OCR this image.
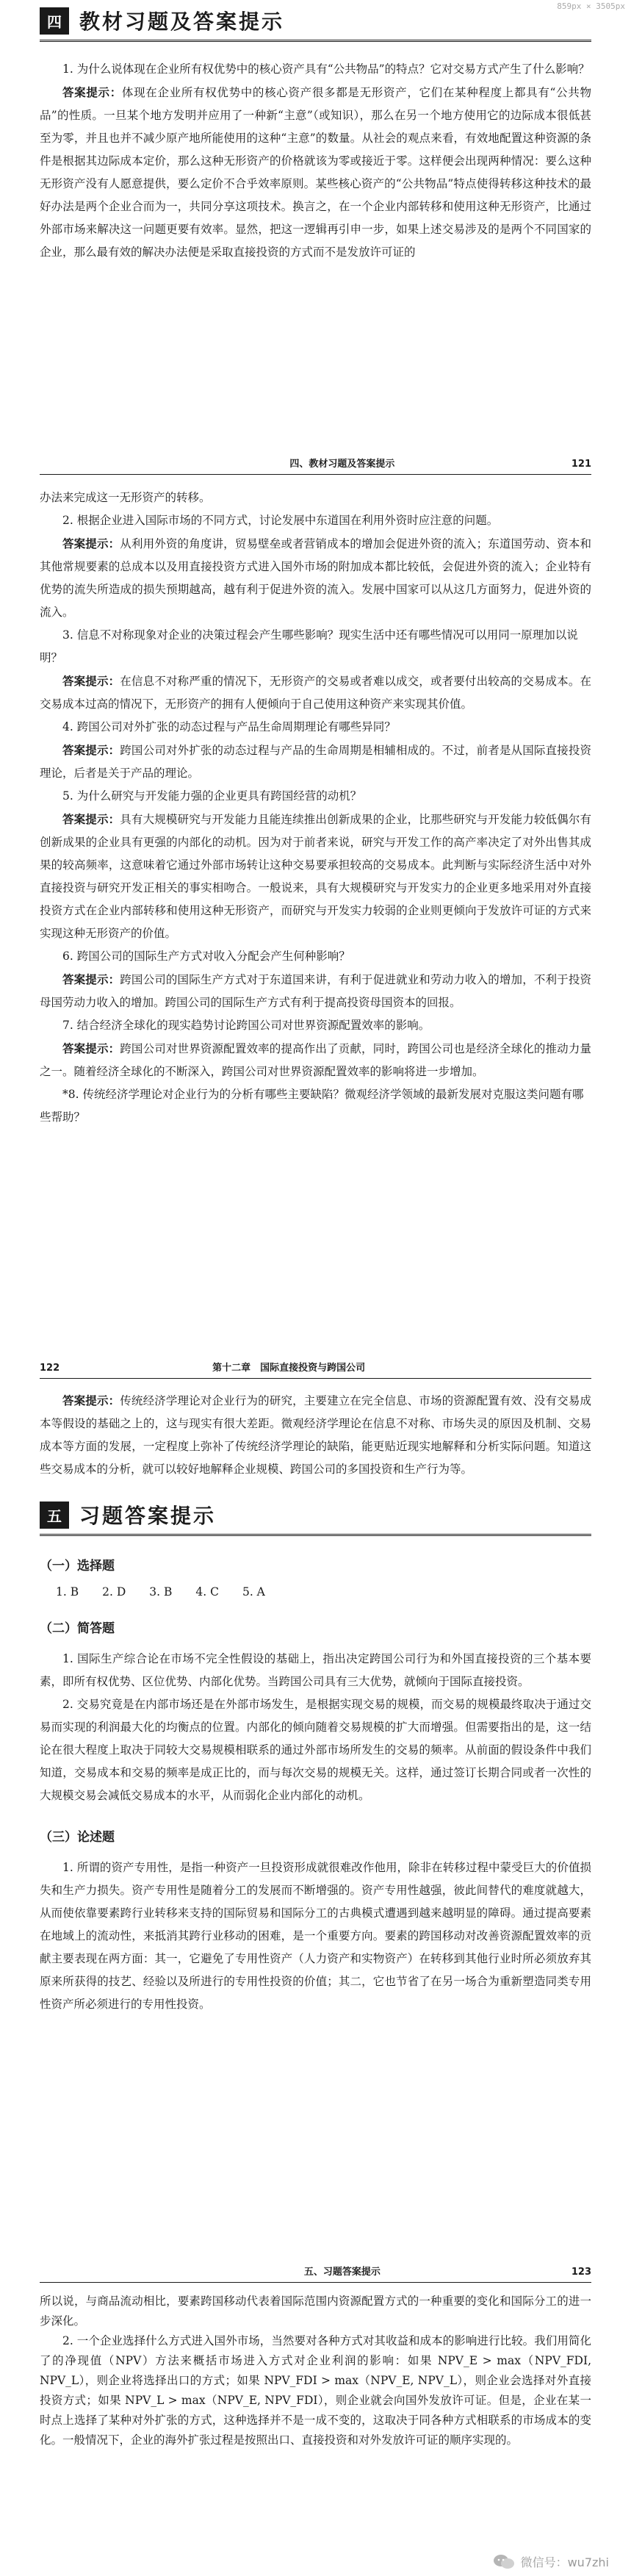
859px × 3505px
四 教材习题及答案提示

1. 为什么说体现在企业所有权优势中的核心资产具有“公共物品”的特点？它对交易方式产生了什么影响？

答案提示：体现在企业所有权优势中的核心资产很多都是无形资产，它们在某种程度上都具有“公共物品”的性质。一旦某个地方发明并应用了一种新“主意”（或知识），那么在另一个地方使用它的边际成本很低甚至为零，并且也并不减少原产地所能使用的这种“主意”的数量。从社会的观点来看，有效地配置这种资源的条件是根据其边际成本定价，那么这种无形资产的价格就该为零或接近于零。这样便会出现两种情况：要么这种无形资产没有人愿意提供，要么定价不合乎效率原则。某些核心资产的“公共物品”特点使得转移这种技术的最好办法是两个企业合而为一，共同分享这项技术。换言之，在一个企业内部转移和使用这种无形资产，比通过外部市场来解决这一问题更要有效率。显然，把这一逻辑再引申一步，如果上述交易涉及的是两个不同国家的企业，那么最有效的解决办法便是采取直接投资的方式而不是发放许可证的

四、教材习题及答案提示	121

办法来完成这一无形资产的转移。

2. 根据企业进入国际市场的不同方式，讨论发展中东道国在利用外资时应注意的问题。

答案提示：从利用外资的角度讲，贸易壁垒或者营销成本的增加会促进外资的流入；东道国劳动、资本和其他常规要素的总成本以及用直接投资方式进入国外市场的附加成本都比较低，会促进外资的流入；企业特有优势的流失所造成的损失预期越高，越有利于促进外资的流入。发展中国家可以从这几方面努力，促进外资的流入。

3. 信息不对称现象对企业的决策过程会产生哪些影响？现实生活中还有哪些情况可以用同一原理加以说明？

答案提示：在信息不对称严重的情况下，无形资产的交易或者难以成交，或者要付出较高的交易成本。在交易成本过高的情况下，无形资产的拥有人便倾向于自己使用这种资产来实现其价值。

4. 跨国公司对外扩张的动态过程与产品生命周期理论有哪些异同？

答案提示：跨国公司对外扩张的动态过程与产品的生命周期是相辅相成的。不过，前者是从国际直接投资理论，后者是关于产品的理论。

5. 为什么研究与开发能力强的企业更具有跨国经营的动机？

答案提示：具有大规模研究与开发能力且能连续推出创新成果的企业，比那些研究与开发能力较低偶尔有创新成果的企业具有更强的内部化的动机。因为对于前者来说，研究与开发工作的高产率决定了对外出售其成果的较高频率，这意味着它通过外部市场转让这种交易要承担较高的交易成本。此判断与实际经济生活中对外直接投资与研究开发正相关的事实相吻合。一般说来，具有大规模研究与开发实力的企业更多地采用对外直接投资方式在企业内部转移和使用这种无形资产，而研究与开发实力较弱的企业则更倾向于发放许可证的方式来实现这种无形资产的价值。

6. 跨国公司的国际生产方式对收入分配会产生何种影响？

答案提示：跨国公司的国际生产方式对于东道国来讲，有利于促进就业和劳动力收入的增加，不利于投资母国劳动力收入的增加。跨国公司的国际生产方式有利于提高投资母国资本的回报。

7. 结合经济全球化的现实趋势讨论跨国公司对世界资源配置效率的影响。

答案提示：跨国公司对世界资源配置效率的提高作出了贡献，同时，跨国公司也是经济全球化的推动力量之一。随着经济全球化的不断深入，跨国公司对世界资源配置效率的影响将进一步增加。

*8. 传统经济学理论对企业行为的分析有哪些主要缺陷？微观经济学领域的最新发展对克服这类问题有哪些帮助？

122	第十二章　国际直接投资与跨国公司

答案提示：传统经济学理论对企业行为的研究，主要建立在完全信息、市场的资源配置有效、没有交易成本等假设的基础之上的，这与现实有很大差距。微观经济学理论在信息不对称、市场失灵的原因及机制、交易成本等方面的发展，一定程度上弥补了传统经济学理论的缺陷，能更贴近现实地解释和分析实际问题。知道这些交易成本的分析，就可以较好地解释企业规模、跨国公司的多国投资和生产行为等。

五 习题答案提示
（一）选择题
1. B 2. D 3. B 4. C 5. A
（二）简答题

1. 国际生产综合论在市场不完全性假设的基础上，指出决定跨国公司行为和外国直接投资的三个基本要素，即所有权优势、区位优势、内部化优势。当跨国公司具有三大优势，就倾向于国际直接投资。

2. 交易究竟是在内部市场还是在外部市场发生，是根据实现交易的规模，而交易的规模最终取决于通过交易而实现的利润最大化的均衡点的位置。内部化的倾向随着交易规模的扩大而增强。但需要指出的是，这一结论在很大程度上取决于同较大交易规模相联系的通过外部市场所发生的交易的频率。从前面的假设条件中我们知道，交易成本和交易的频率是成正比的，而与每次交易的规模无关。这样，通过签订长期合同或者一次性的大规模交易会减低交易成本的水平，从而弱化企业内部化的动机。

（三）论述题

1. 所谓的资产专用性，是指一种资产一旦投资形成就很难改作他用，除非在转移过程中蒙受巨大的价值损失和生产力损失。资产专用性是随着分工的发展而不断增强的。资产专用性越强，彼此间替代的难度就越大，从而使依靠要素跨行业转移来支持的国际贸易和国际分工的古典模式遭遇到越来越明显的障碍。通过提高要素在地域上的流动性，来抵消其跨行业移动的困难，是一个重要方向。要素的跨国移动对改善资源配置效率的贡献主要表现在两方面：其一，它避免了专用性资产（人力资产和实物资产）在转移到其他行业时所必须放弃其原来所获得的技艺、经验以及所进行的专用性投资的价值；其二，它也节省了在另一场合为重新塑造同类专用性资产所必须进行的专用性投资。

五、习题答案提示	123

所以说，与商品流动相比，要素跨国移动代表着国际范围内资源配置方式的一种重要的变化和国际分工的进一步深化。

2. 一个企业选择什么方式进入国外市场，当然要对各种方式对其收益和成本的影响进行比较。我们用简化了的净现值（NPV）方法来概括市场进入方式对企业利润的影响：如果 NPV_E > max（NPV_FDI, NPV_L），则企业将选择出口的方式；如果 NPV_FDI > max（NPV_E, NPV_L），则企业会选择对外直接投资方式；如果 NPV_L > max（NPV_E, NPV_FDI），则企业就会向国外发放许可证。但是，企业在某一时点上选择了某种对外扩张的方式，这种选择并不是一成不变的，这取决于同各种方式相联系的市场成本的变化。一般情况下，企业的海外扩张过程是按照出口、直接投资和对外发放许可证的顺序实现的。

微信号：wu7zhi
